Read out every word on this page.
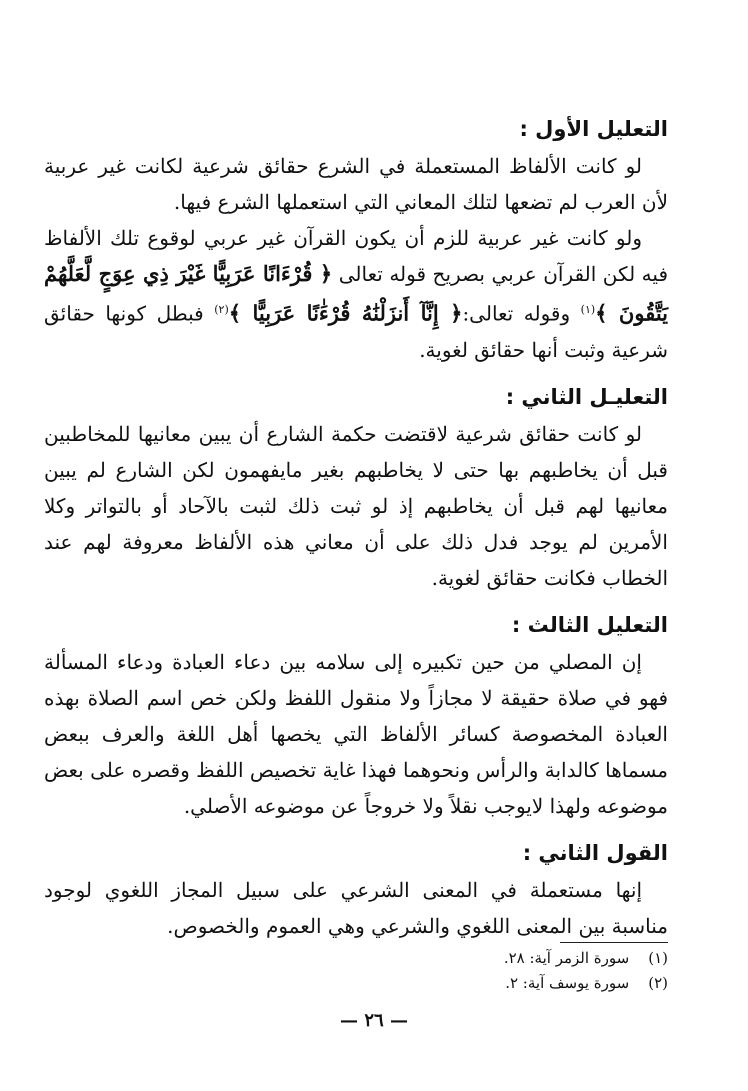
التعليل الأول :

لو كانت الألفاظ المستعملة في الشرع حقائق شرعية لكانت غير عربية لأن العرب لم تضعها لتلك المعاني التي استعملها الشرع فيها.

ولو كانت غير عربية للزم أن يكون القرآن غير عربي لوقوع تلك الألفاظ فيه لكن القرآن عربي بصريح قوله تعالى ﴿ قُرْءَانًا عَرَبِيًّا غَيْرَ ذِي عِوَجٍ لَّعَلَّهُمْ يَتَّقُونَ ﴾$^{(١)}$ وقوله تعالى:﴿ إِنَّآ أَنزَلْنَٰهُ قُرْءَٰنًا عَرَبِيًّا ﴾$^{(٢)}$ فبطل كونها حقائق شرعية وثبت أنها حقائق لغوية.

التعليـل الثاني :

لو كانت حقائق شرعية لاقتضت حكمة الشارع أن يبين معانيها للمخاطبين قبل أن يخاطبهم بها حتى لا يخاطبهم بغير مايفهمون لكن الشارع لم يبين معانيها لهم قبل أن يخاطبهم إذ لو ثبت ذلك لثبت بالآحاد أو بالتواتر وكلا الأمرين لم يوجد فدل ذلك على أن معاني هذه الألفاظ معروفة لهم عند الخطاب فكانت حقائق لغوية.

التعليل الثالث :

إن المصلي من حين تكبيره إلى سلامه بين دعاء العبادة ودعاء المسألة فهو في صلاة حقيقة لا مجازاً ولا منقول اللفظ ولكن خص اسم الصلاة بهذه العبادة المخصوصة كسائر الألفاظ التي يخصها أهل اللغة والعرف ببعض مسماها كالدابة والرأس ونحوهما فهذا غاية تخصيص اللفظ وقصره على بعض موضوعه ولهذا لايوجب نقلاً ولا خروجاً عن موضوعه الأصلي.

القول الثاني :

إنها مستعملة في المعنى الشرعي على سبيل المجاز اللغوي لوجود مناسبة بين المعنى اللغوي والشرعي وهي العموم والخصوص.

(١) سورة الزمر آية: ٢٨.
(٢) سورة يوسف آية: ٢.
— ٢٦ —
